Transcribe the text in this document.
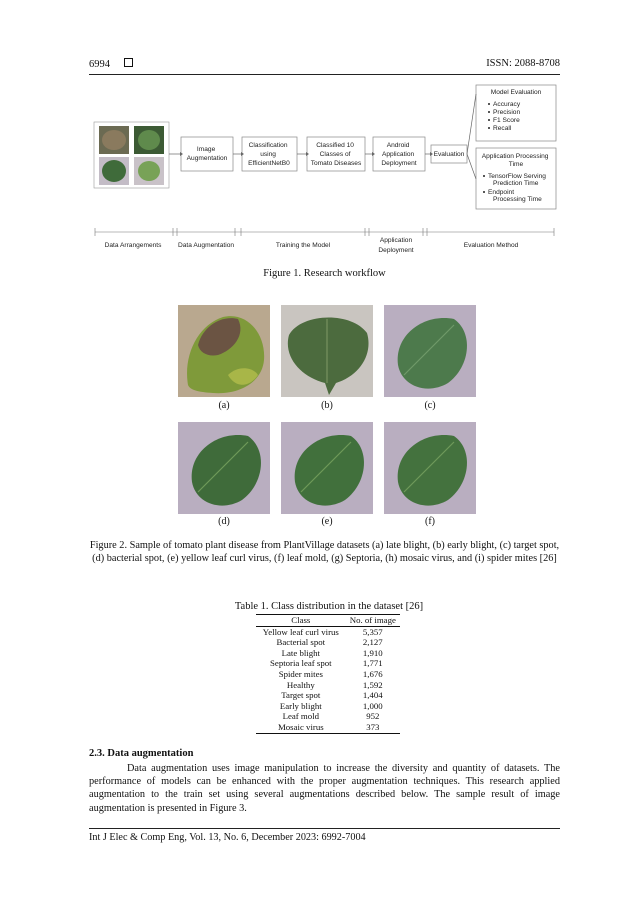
6994	ISSN: 2088-8708
Image Augmentation
Classification using EfficientNetB0
Classified 10 Classes of Tomato Diseases
Android Application Deployment
Evaluation
Model Evaluation
Accuracy
Precision
F1 Score
Recall
Application Processing Time
TensorFlow Serving Prediction Time
Endpoint Processing Time
Data Arrangements	Data Augmentation	Training the Model
Application
Deployment
Evaluation Method
Figure 1. Research workflow
(a)	(b)	(c)
(d)	(e)	(f)
Figure 2. Sample of tomato plant disease from PlantVillage datasets (a) late blight, (b) early blight, (c) target spot, (d) bacterial spot, (e) yellow leaf curl virus, (f) leaf mold, (g) Septoria, (h) mosaic virus, and (i) spider mites [26]
Table 1. Class distribution in the dataset [26]
Class	No. of image
Yellow leaf curl virus	5,357
Bacterial spot	2,127
Late blight	1,910
Septoria leaf spot	1,771
Spider mites	1,676
Healthy	1,592
Target spot	1,404
Early blight	1,000
Leaf mold	952
Mosaic virus	373
2.3. Data augmentation
Data augmentation uses image manipulation to increase the diversity and quantity of datasets. The performance of models can be enhanced with the proper augmentation techniques. This research applied augmentation to the train set using several augmentations described below. The sample result of image augmentation is presented in Figure 3.
Int J Elec & Comp Eng, Vol. 13, No. 6, December 2023: 6992-7004
